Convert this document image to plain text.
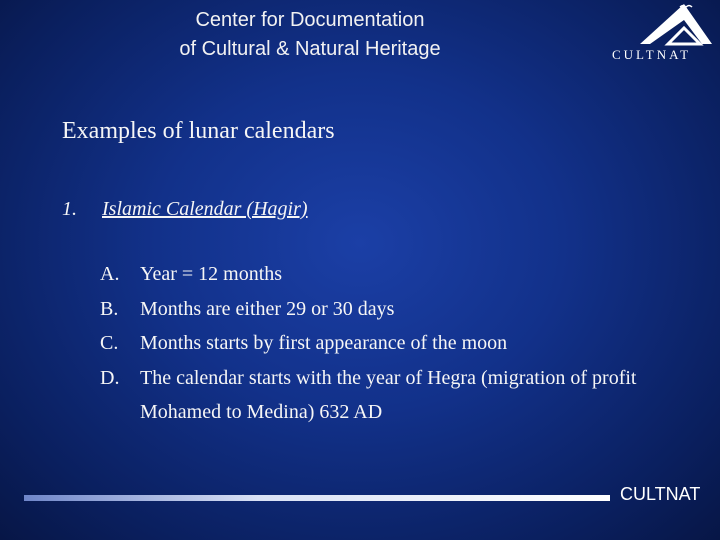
Center for Documentation
of Cultural & Natural Heritage	CULTNAT
Examples of lunar calendars
1. Islamic Calendar (Hagir)
A.	Year = 12 months
B.	Months are either 29 or 30 days
C.	Months starts by first appearance of the moon
D.	The calendar starts with the year of Hegra (migration of profit Mohamed to Medina) 632 AD
CULTNAT
